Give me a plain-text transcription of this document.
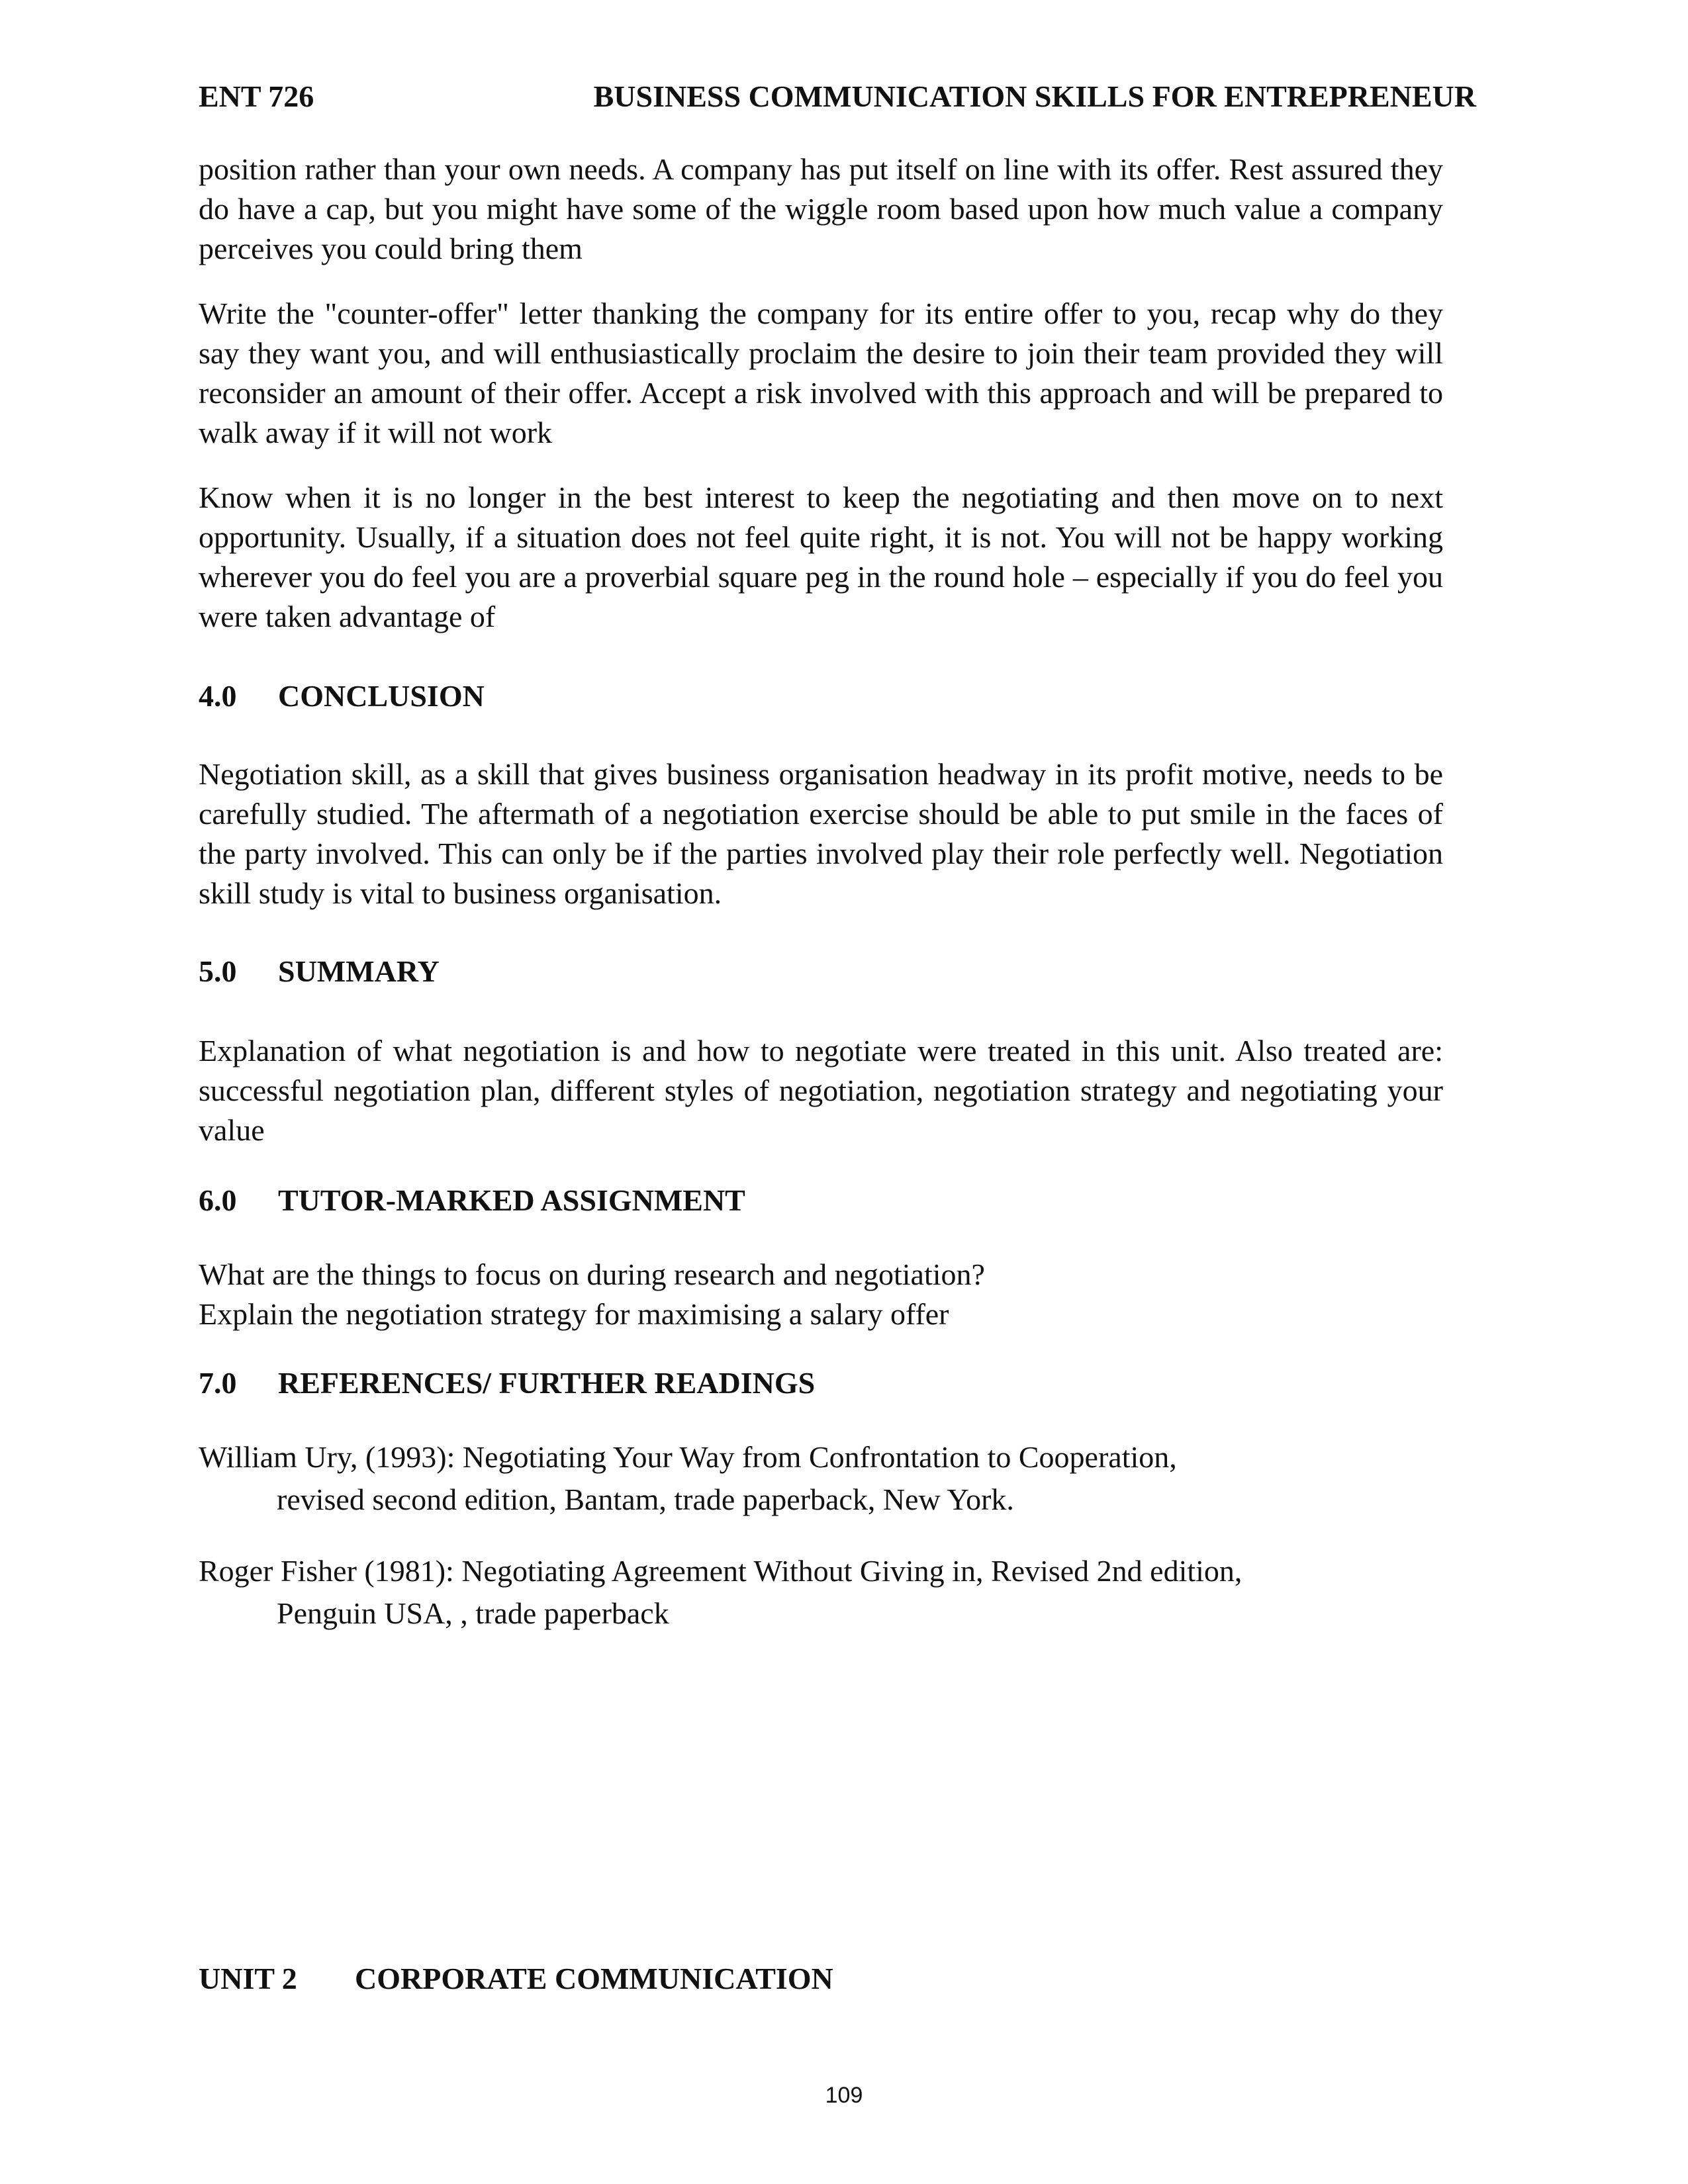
ENT 726	BUSINESS COMMUNICATION SKILLS FOR ENTREPRENEUR

position rather than your own needs. A company has put itself on line with its offer. Rest assured they do have a cap, but you might have some of the wiggle room based upon how much value a company perceives you could bring them

Write the "counter-offer" letter thanking the company for its entire offer to you, recap why do they say they want you, and will enthusiastically proclaim the desire to join their team provided they will reconsider an amount of their offer. Accept a risk involved with this approach and will be prepared to walk away if it will not work

Know when it is no longer in the best interest to keep the negotiating and then move on to next opportunity. Usually, if a situation does not feel quite right, it is not. You will not be happy working wherever you do feel you are a proverbial square peg in the round hole – especially if you do feel you were taken advantage of

4.0 CONCLUSION

Negotiation skill, as a skill that gives business organisation headway in its profit motive, needs to be carefully studied. The aftermath of a negotiation exercise should be able to put smile in the faces of the party involved. This can only be if the parties involved play their role perfectly well. Negotiation skill study is vital to business organisation.

5.0 SUMMARY

Explanation of what negotiation is and how to negotiate were treated in this unit. Also treated are: successful negotiation plan, different styles of negotiation, negotiation strategy and negotiating your value

6.0 TUTOR-MARKED ASSIGNMENT

What are the things to focus on during research and negotiation?

Explain the negotiation strategy for maximising a salary offer

7.0 REFERENCES/ FURTHER READINGS
William Ury, (1993): Negotiating Your Way from Confrontation to Cooperation,
revised second edition, Bantam, trade paperback, New York.
Roger Fisher (1981): Negotiating Agreement Without Giving in, Revised 2nd edition,
Penguin USA, , trade paperback
UNIT 2 CORPORATE COMMUNICATION
109
